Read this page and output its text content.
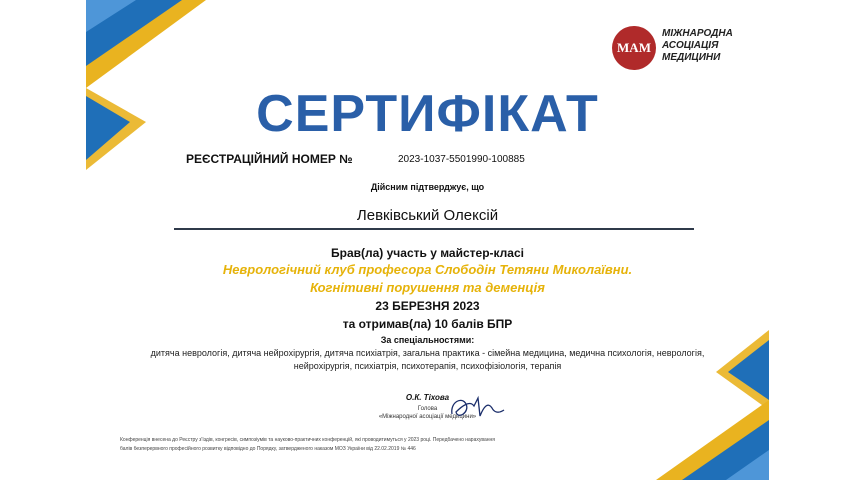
МАМ
МІЖНАРОДНА
АСОЦІАЦІЯ
МЕДИЦИНИ
СЕРТИФІКАТ
РЕЄСТРАЦІЙНИЙ НОМЕР №	2023-1037-5501990-100885
Дійсним підтверджує, що
Левківський Олексій
Брав(ла) участь у майстер-класі
Неврологічний клуб професора Слободін Тетяни Миколаївни.
Когнітивні порушення та деменція
23 БЕРЕЗНЯ 2023
та отримав(ла) 10 балів БПР
За спеціальностями:
дитяча неврологія, дитяча нейрохірургія, дитяча психіатрія, загальна практика - сімейна медицина, медична психологія, неврологія,
нейрохірургія, психіатрія, психотерапія, психофізіологія, терапія
О.К. Тіхова
Голова
«Міжнародної асоціації медицини»
Конференція внесена до Реєстру з'їздів, конгресів, симпозіумів та науково-практичних конференцій, які проводитимуться у 2023 році. Передбачено нарахування
балів безперервного професійного розвитку відповідно до Порядку, затвердженого наказом МОЗ України від 22.02.2019 № 446
